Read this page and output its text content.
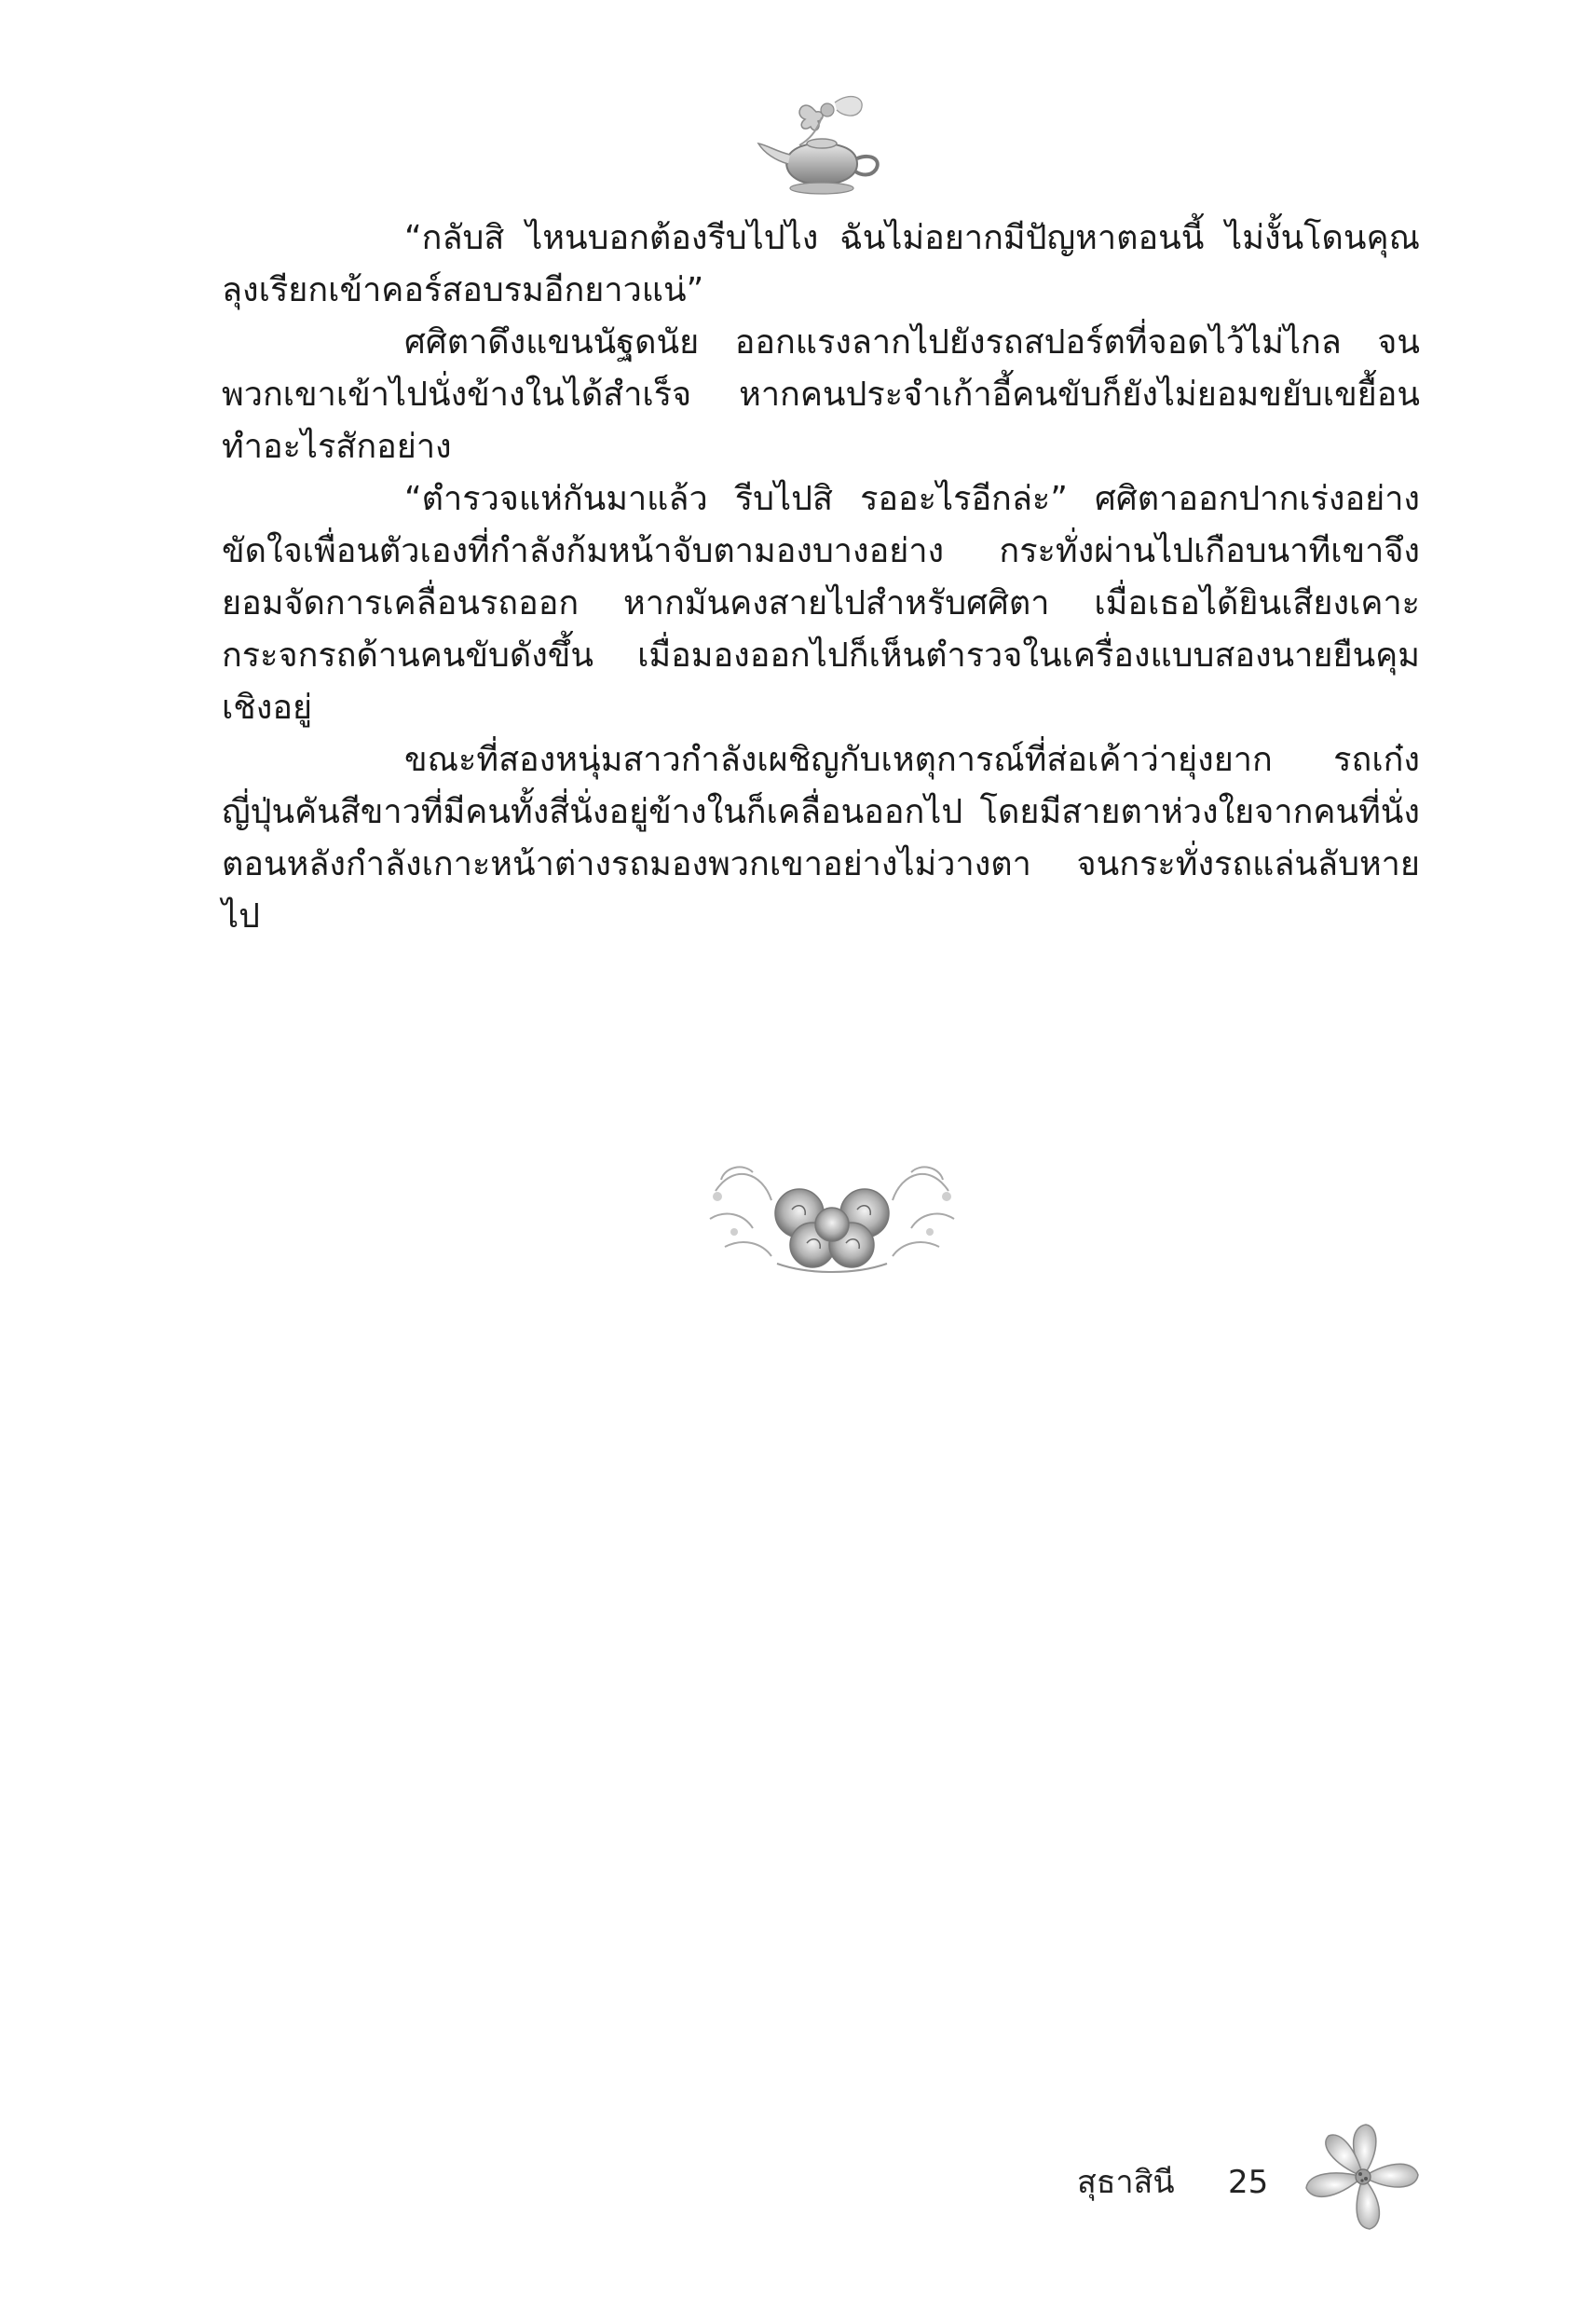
“กลับสิ ไหนบอกต้องรีบไปไง ฉันไม่อยากมีปัญหาตอนนี้ ไม่งั้นโดนคุณลุงเรียกเข้าคอร์สอบรมอีกยาวแน่”

ศศิตาดึงแขนนัฐดนัย ออกแรงลากไปยังรถสปอร์ตที่จอดไว้ไม่ไกล จนพวกเขาเข้าไปนั่งข้างในได้สำเร็จ หากคนประจำเก้าอี้คนขับก็ยังไม่ยอมขยับเขยื้อนทำอะไรสักอย่าง

“ตำรวจแห่กันมาแล้ว รีบไปสิ รออะไรอีกล่ะ” ศศิตาออกปากเร่งอย่างขัดใจเพื่อนตัวเองที่กำลังก้มหน้าจับตามองบางอย่าง กระทั่งผ่านไปเกือบนาทีเขาจึงยอมจัดการเคลื่อนรถออก หากมันคงสายไปสำหรับศศิตา เมื่อเธอได้ยินเสียงเคาะกระจกรถด้านคนขับดังขึ้น เมื่อมองออกไปก็เห็นตำรวจในเครื่องแบบสองนายยืนคุมเชิงอยู่

ขณะที่สองหนุ่มสาวกำลังเผชิญกับเหตุการณ์ที่ส่อเค้าว่ายุ่งยาก รถเก๋งญี่ปุ่นคันสีขาวที่มีคนทั้งสี่นั่งอยู่ข้างในก็เคลื่อนออกไป โดยมีสายตาห่วงใยจากคนที่นั่งตอนหลังกำลังเกาะหน้าต่างรถมองพวกเขาอย่างไม่วางตา จนกระทั่งรถแล่นลับหายไป

สุธาสินี 25
